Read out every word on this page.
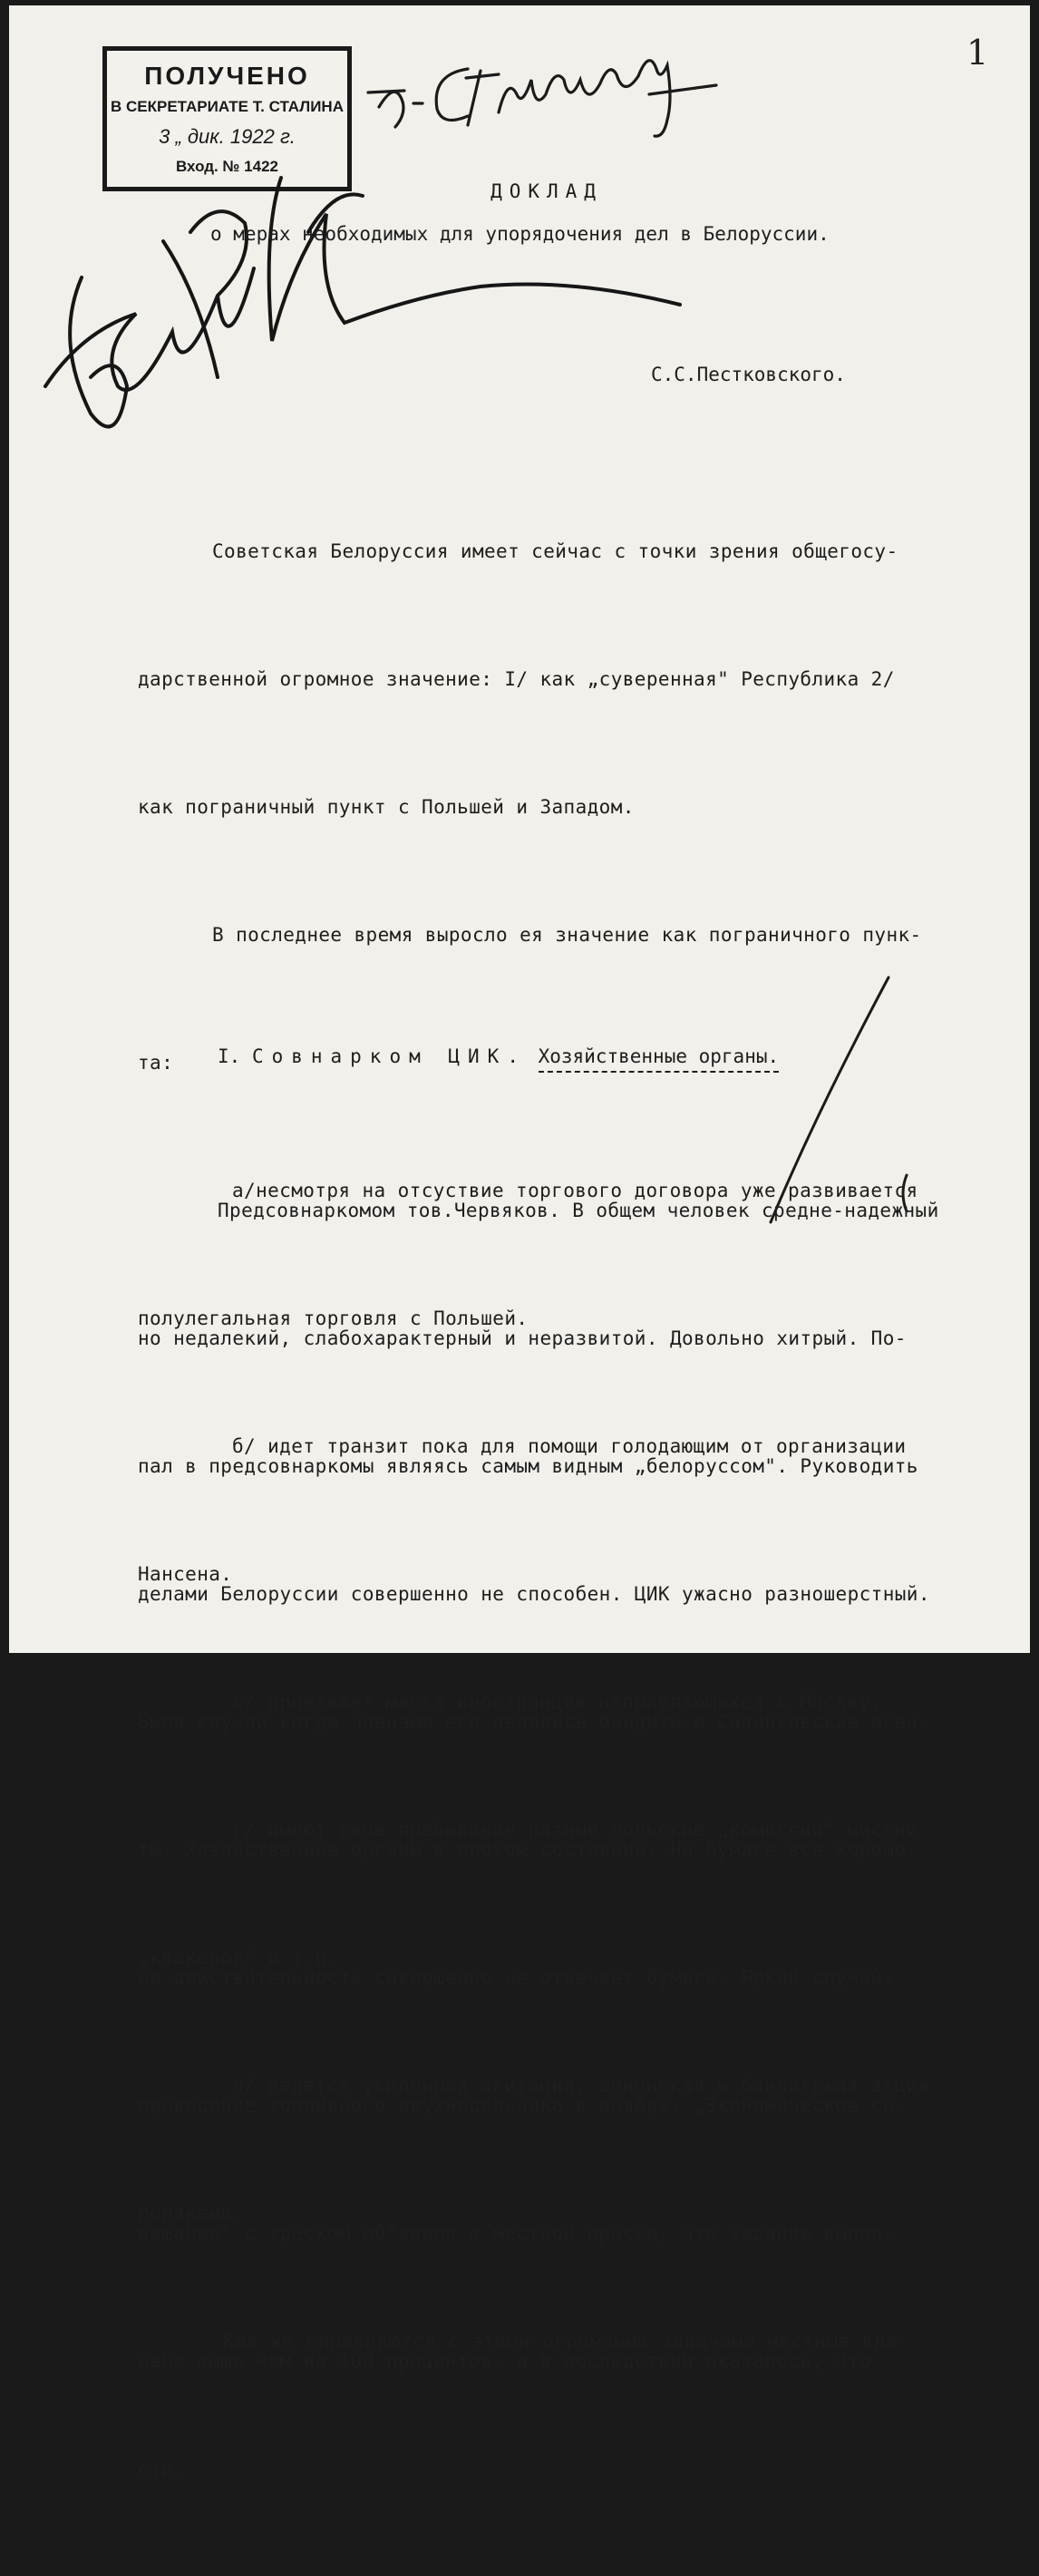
1
ПОЛУЧЕНО
В СЕКРЕТАРИАТЕ Т. СТАЛИНА
3 „ дик. 1922 г.
Вход. № 1422
ДОКЛАД
о мерах необходимых для упорядочения дел в Белоруссии.
С.С.Пестковского.

Советская Белоруссия имеет сейчас с точки зрения общегосу-

дарственной огромное значение: I/ как „суверенная" Республика 2/

как пограничный пункт с Польшей и Западом.

В последнее время выросло ея значение как пограничного пунк-

та:

а/несмотря на отсуствие торгового договора уже развивается

полулегальная торговля с Польшей.

б/ идет транзит пока для помощи голодающим от организации

Нансена.

в/ проезжает масса иностранцев направляющихся в Москву.

г/ имеют свое пребывание разные польские „комиссии" миссии

„квакеров" и т.п.

д/ ведется усиленная агитация, шпионская и бандитская акция

поляками.

Как же справляются с этими огромными задачами местные вла-

сти.

I. Совнарком ЦИК. Хозяйственные органы.

Предсовнаркомом тов.Червяков. В общем человек средне-надежный

но недалекий, слабохарактерный и неразвитой. Довольно хитрый. По-

пал в предсовнаркомы являясь самым видным „белоруссом". Руководить

делами Белоруссии совершенно не способен. ЦИК ужасно разношерстный.

Были случаи когда членами его являлись бандиты и Савинковские аген-

ты. Хозяйственные органы в плохом состоянии. На бумаге все хорошо,

но действительность совершенно не отвечает бумаге. Яркий случай:

проведение топливного двухнедельника в ноябре. „Экономическое со-

вещание" с треском об"явило в местной прессе, что задание выпол-

нено выше чем на 100 процентов, а в последствии оказалось, что
